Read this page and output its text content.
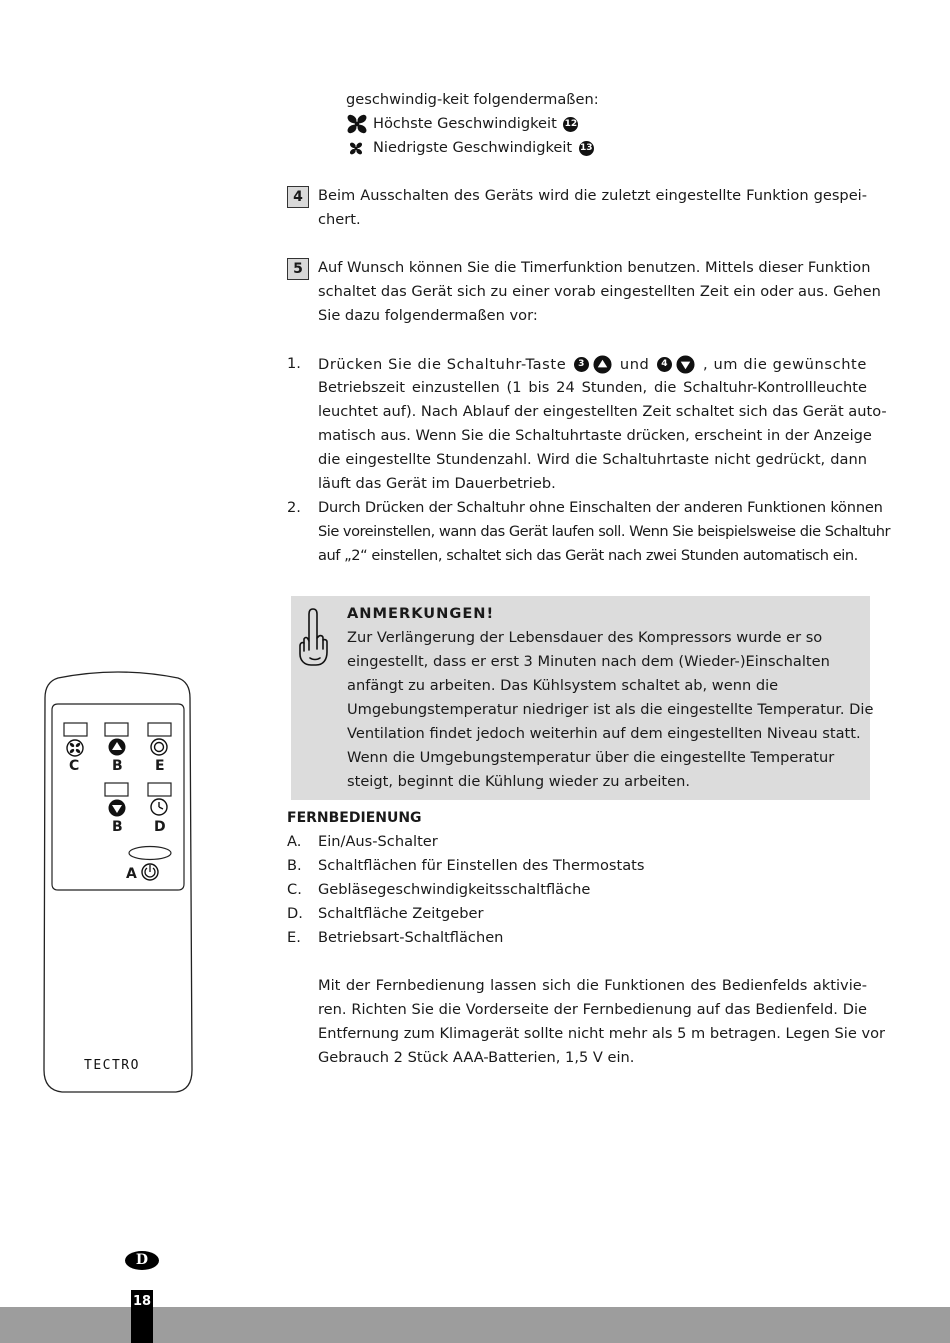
geschwindig-keit folgendermaßen:
Höchste Geschwindigkeit 12
Niedrigste Geschwindigkeit 13
4	Beim Ausschalten des Geräts wird die zuletzt eingestellte Funktion gespei-
chert.
5	Auf Wunsch können Sie die Timerfunktion benutzen. Mittels dieser Funktion
schaltet das Gerät sich zu einer vorab eingestellten Zeit ein oder aus. Gehen
Sie dazu folgendermaßen vor:
1. Drücken Sie die Schaltuhr-Taste	3 und	4 , um die gewünschte
Betriebszeit einzustellen (1 bis 24 Stunden, die Schaltuhr-Kontrollleuchte
leuchtet auf). Nach Ablauf der eingestellten Zeit schaltet sich das Gerät auto-
matisch aus. Wenn Sie die Schaltuhrtaste drücken, erscheint in der Anzeige
die eingestellte Stundenzahl. Wird die Schaltuhrtaste nicht gedrückt, dann
läuft das Gerät im Dauerbetrieb.
2. Durch Drücken der Schaltuhr ohne Einschalten der anderen Funktionen können
Sie voreinstellen, wann das Gerät laufen soll. Wenn Sie beispielsweise die Schaltuhr
auf „2“ einstellen, schaltet sich das Gerät nach zwei Stunden automatisch ein.
ANMERKUNGEN!
Zur Verlängerung der Lebensdauer des Kompressors wurde er so
eingestellt, dass er erst 3 Minuten nach dem (Wieder-)Einschalten
anfängt zu arbeiten. Das Kühlsystem schaltet ab, wenn die
Umgebungstemperatur niedriger ist als die eingestellte Temperatur. Die
Ventilation findet jedoch weiterhin auf dem eingestellten Niveau statt.
Wenn die Umgebungstemperatur über die eingestellte Temperatur
steigt, beginnt die Kühlung wieder zu arbeiten.
FERNBEDIENUNG
A. Ein/Aus-Schalter
B. Schaltflächen für Einstellen des Thermostats
C. Gebläsegeschwindigkeitsschaltfläche
D. Schaltfläche Zeitgeber
E. Betriebsart-Schaltflächen
Mit der Fernbedienung lassen sich die Funktionen des Bedienfelds aktivie-
ren. Richten Sie die Vorderseite der Fernbedienung auf das Bedienfeld. Die
Entfernung zum Klimagerät sollte nicht mehr als 5 m betragen. Legen Sie vor
Gebrauch 2 Stück AAA-Batterien, 1,5 V ein.
C B E
B D
A
TECTRO
D
18
